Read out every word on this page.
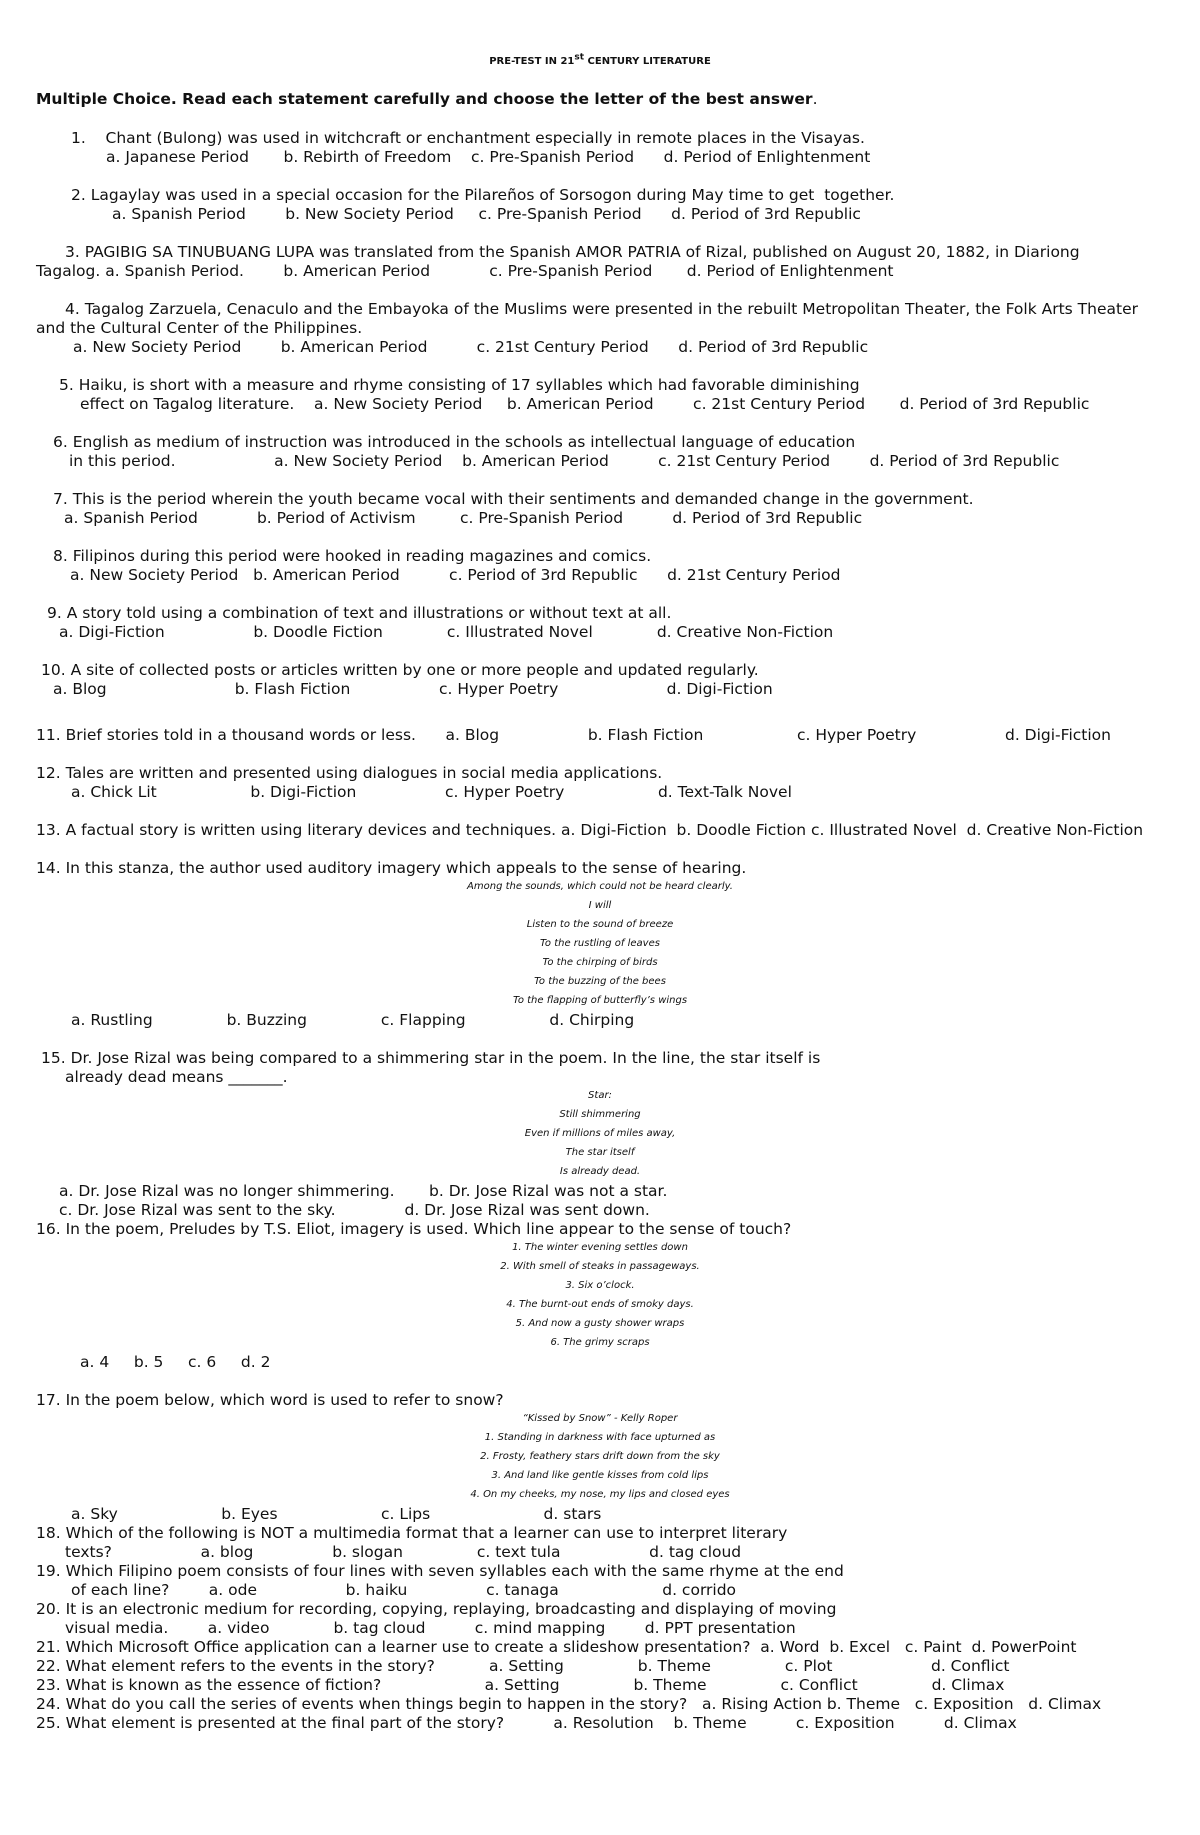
PRE-TEST IN 21st CENTURY LITERATURE
Multiple Choice. Read each statement carefully and choose the letter of the best answer.
1.    Chant (Bulong) was used in witchcraft or enchantment especially in remote places in the Visayas.
a. Japanese Period       b. Rebirth of Freedom    c. Pre-Spanish Period      d. Period of Enlightenment
2. Lagaylay was used in a special occasion for the Pilareños of Sorsogon during May time to get  together.
a. Spanish Period        b. New Society Period     c. Pre-Spanish Period      d. Period of 3rd Republic
3. PAGIBIG SA TINUBUANG LUPA was translated from the Spanish AMOR PATRIA of Rizal, published on August 20, 1882, in Diariong
Tagalog. a. Spanish Period.        b. American Period            c. Pre-Spanish Period       d. Period of Enlightenment
4. Tagalog Zarzuela, Cenaculo and the Embayoka of the Muslims were presented in the rebuilt Metropolitan Theater, the Folk Arts Theater
and the Cultural Center of the Philippines.
a. New Society Period        b. American Period          c. 21st Century Period      d. Period of 3rd Republic
5. Haiku, is short with a measure and rhyme consisting of 17 syllables which had favorable diminishing
effect on Tagalog literature.    a. New Society Period     b. American Period        c. 21st Century Period       d. Period of 3rd Republic
6. English as medium of instruction was introduced in the schools as intellectual language of education
in this period.                    a. New Society Period    b. American Period          c. 21st Century Period        d. Period of 3rd Republic
7. This is the period wherein the youth became vocal with their sentiments and demanded change in the government.
a. Spanish Period            b. Period of Activism         c. Pre-Spanish Period          d. Period of 3rd Republic
8. Filipinos during this period were hooked in reading magazines and comics.
a. New Society Period   b. American Period          c. Period of 3rd Republic      d. 21st Century Period
9. A story told using a combination of text and illustrations or without text at all.
a. Digi-Fiction                  b. Doodle Fiction             c. Illustrated Novel             d. Creative Non-Fiction
10. A site of collected posts or articles written by one or more people and updated regularly.
a. Blog                          b. Flash Fiction                  c. Hyper Poetry                      d. Digi-Fiction
11. Brief stories told in a thousand words or less.      a. Blog                  b. Flash Fiction                   c. Hyper Poetry                  d. Digi-Fiction
12. Tales are written and presented using dialogues in social media applications.
a. Chick Lit                   b. Digi-Fiction                  c. Hyper Poetry                   d. Text-Talk Novel
13. A factual story is written using literary devices and techniques. a. Digi-Fiction  b. Doodle Fiction c. Illustrated Novel  d. Creative Non-Fiction
14. In this stanza, the author used auditory imagery which appeals to the sense of hearing.
Among the sounds, which could not be heard clearly.
I will
Listen to the sound of breeze
To the rustling of leaves
To the chirping of birds
To the buzzing of the bees
To the flapping of butterfly’s wings
a. Rustling               b. Buzzing               c. Flapping                 d. Chirping
15. Dr. Jose Rizal was being compared to a shimmering star in the poem. In the line, the star itself is
already dead means _______.
Star:
Still shimmering
Even if millions of miles away,
The star itself
Is already dead.
a. Dr. Jose Rizal was no longer shimmering.       b. Dr. Jose Rizal was not a star.
c. Dr. Jose Rizal was sent to the sky.              d. Dr. Jose Rizal was sent down.
16. In the poem, Preludes by T.S. Eliot, imagery is used. Which line appear to the sense of touch?
1. The winter evening settles down
2. With smell of steaks in passageways.
3. Six o’clock.
4. The burnt-out ends of smoky days.
5. And now a gusty shower wraps
6. The grimy scraps
a. 4     b. 5     c. 6     d. 2
17. In the poem below, which word is used to refer to snow?
“Kissed by Snow” - Kelly Roper
1. Standing in darkness with face upturned as
2. Frosty, feathery stars drift down from the sky
3. And land like gentle kisses from cold lips
4. On my cheeks, my nose, my lips and closed eyes
a. Sky                     b. Eyes                     c. Lips                       d. stars
18. Which of the following is NOT a multimedia format that a learner can use to interpret literary
texts?                  a. blog                b. slogan               c. text tula                  d. tag cloud
19. Which Filipino poem consists of four lines with seven syllables each with the same rhyme at the end
of each line?        a. ode                  b. haiku                c. tanaga                     d. corrido
20. It is an electronic medium for recording, copying, replaying, broadcasting and displaying of moving
visual media.        a. video             b. tag cloud          c. mind mapping        d. PPT presentation
21. Which Microsoft Office application can a learner use to create a slideshow presentation?  a. Word  b. Excel   c. Paint  d. PowerPoint
22. What element refers to the events in the story?           a. Setting               b. Theme               c. Plot                    d. Conflict
23. What is known as the essence of fiction?                     a. Setting               b. Theme               c. Conflict               d. Climax
24. What do you call the series of events when things begin to happen in the story?   a. Rising Action b. Theme   c. Exposition   d. Climax
25. What element is presented at the final part of the story?          a. Resolution    b. Theme          c. Exposition          d. Climax
